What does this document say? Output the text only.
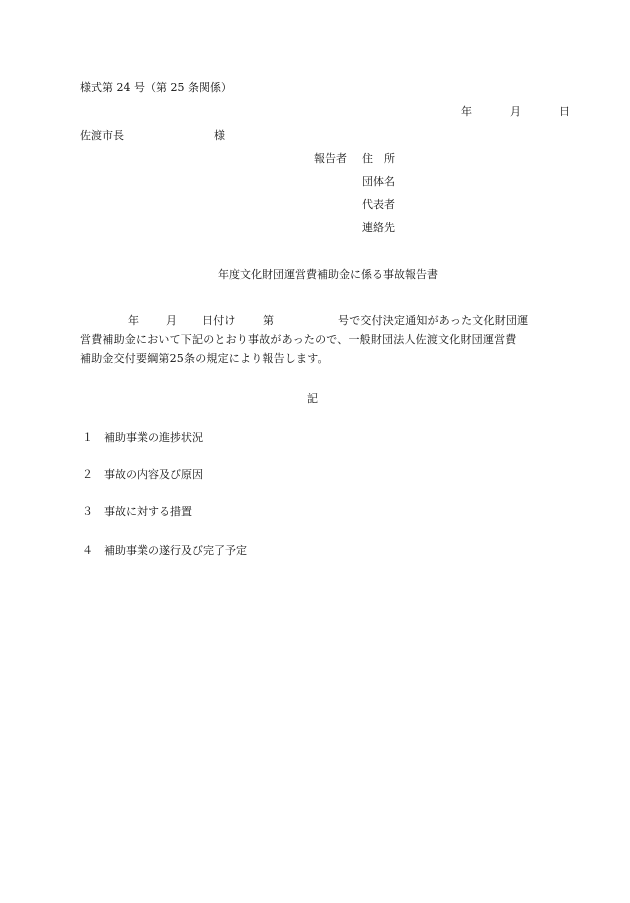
様式第 24 号（第 25 条関係）
年	月	日
佐渡市長	様
報告者 住　所
団体名
代表者
連絡先
年度文化財団運営費補助金に係る事故報告書
年 月 日付け 第	号で交付決定通知があった文化財団運
営費補助金において下記のとおり事故があったので、一般財団法人佐渡文化財団運営費
補助金交付要綱第25条の規定により報告します。
記
１ 補助事業の進捗状況
２ 事故の内容及び原因
３ 事故に対する措置
４ 補助事業の遂行及び完了予定
